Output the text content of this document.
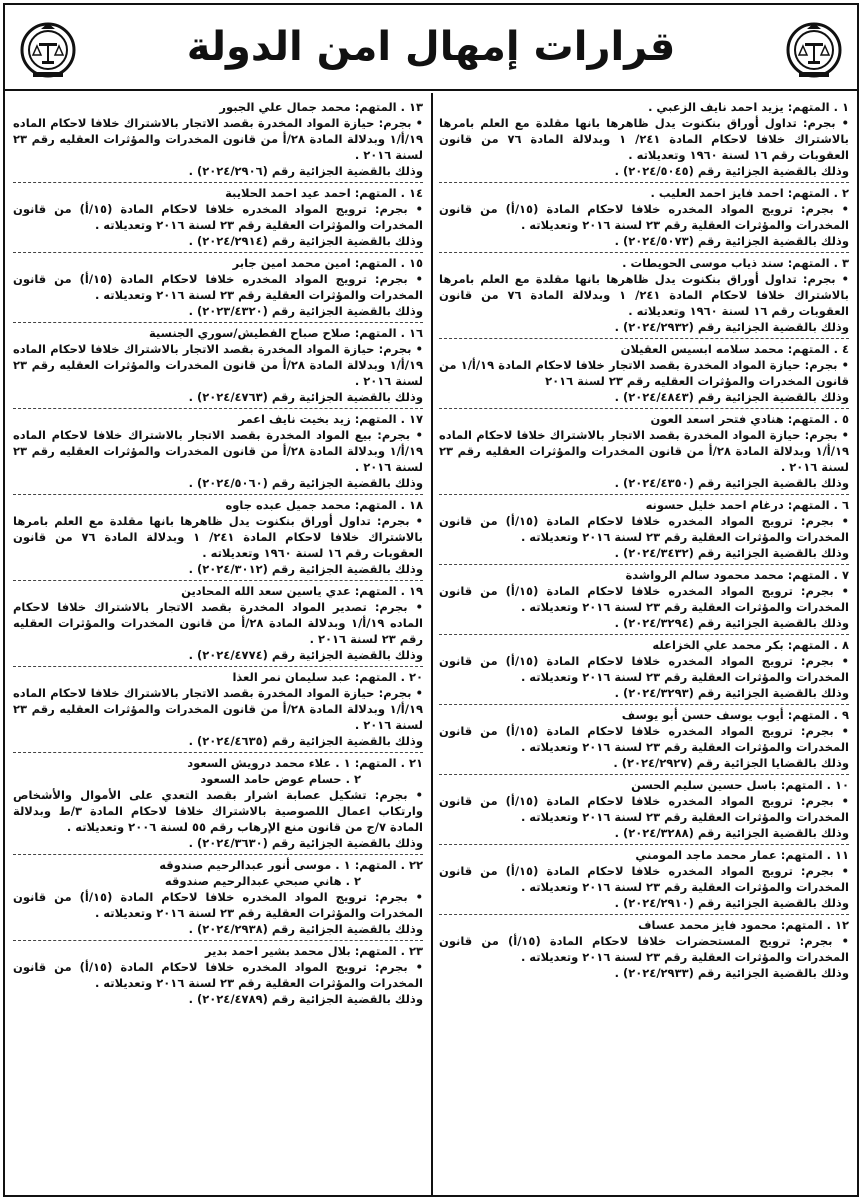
قرارات إمهال امن الدولة
١ . المتهم: يزيد احمد نايف الزعبي .
• بجرم: تداول أوراق بنكنوت يدل ظاهرها بانها مقلدة مع العلم بامرها بالاشتراك خلافا لاحكام المادة ٢٤١/ ١ وبدلالة المادة ٧٦ من قانون العقوبات رقم ١٦ لسنة ١٩٦٠ وتعديلاته .
وذلك بالقضية الجزائية رقم (٢٠٢٤/٥٠٤٥) .
٢ . المتهم: احمد فايز احمد العليب .
• بجرم: ترويج المواد المخدره خلافا لاحكام المادة (١٥/أ) من قانون المخدرات والمؤثرات العقلية رقم ٢٣ لسنة ٢٠١٦ وتعديلاته .
وذلك بالقضية الجزائية رقم (٢٠٢٤/٥٠٧٣) .
٣ . المتهم: سند ذياب موسى الحويطات .
• بجرم: تداول أوراق بنكنوت يدل ظاهرها بانها مقلدة مع العلم بامرها بالاشتراك خلافا لاحكام المادة ٢٤١/ ١ وبدلالة المادة ٧٦ من قانون العقوبات رقم ١٦ لسنة ١٩٦٠ وتعديلاته .
وذلك بالقضية الجزائية رقم (٢٠٢٤/٢٩٣٢) .
٤ . المتهم: محمد سلامه ابسيس العقيلان
• بجرم: حيازة المواد المخدرة بقصد الاتجار خلافا لاحكام المادة ١٩/أ/١ من قانون المخدرات والمؤثرات العقليه رقم ٢٣ لسنة ٢٠١٦
وذلك بالقضية الجزائية رقم (٢٠٢٤/٤٨٤٣) .
٥ . المتهم: هنادي فتحر اسعد العون
• بجرم: حيازة المواد المخدرة بقصد الاتجار بالاشتراك خلافا لاحكام الماده ١٩/أ/١ وبدلالة المادة ٢٨/أ من قانون المخدرات والمؤثرات العقليه رقم ٢٣ لسنة ٢٠١٦ .
وذلك بالقضية الجزائية رقم (٢٠٢٤/٤٣٥٠) .
٦ . المتهم: درغام احمد خليل حسونه
• بجرم: ترويج المواد المخدره خلافا لاحكام المادة (١٥/أ) من قانون المخدرات والمؤثرات العقلية رقم ٢٣ لسنة ٢٠١٦ وتعديلاته .
وذلك بالقضية الجزائية رقم (٢٠٢٤/٣٤٣٢) .
٧ . المتهم: محمد محمود سالم الرواشدة
• بجرم: ترويج المواد المخدره خلافا لاحكام المادة (١٥/أ) من قانون المخدرات والمؤثرات العقلية رقم ٢٣ لسنة ٢٠١٦ وتعديلاته .
وذلك بالقضية الجزائية رقم (٢٠٢٤/٣٢٩٤) .
٨ . المتهم: بكر محمد علي الخزاعله
• بجرم: ترويج المواد المخدره خلافا لاحكام المادة (١٥/أ) من قانون المخدرات والمؤثرات العقلية رقم ٢٣ لسنة ٢٠١٦ وتعديلاته .
وذلك بالقضية الجزائية رقم (٢٠٢٤/٣٢٩٣) .
٩ . المتهم: أيوب يوسف حسن أبو يوسف
• بجرم: ترويج المواد المخدره خلافا لاحكام المادة (١٥/أ) من قانون المخدرات والمؤثرات العقلية رقم ٢٣ لسنة ٢٠١٦ وتعديلاته .
وذلك بالقضايا الجزائية رقم (٢٠٢٤/٢٩٢٧) .
١٠ . المتهم: باسل حسين سليم الحسن
• بجرم: ترويج المواد المخدره خلافا لاحكام المادة (١٥/أ) من قانون المخدرات والمؤثرات العقلية رقم ٢٣ لسنة ٢٠١٦ وتعديلاته .
وذلك بالقضية الجزائية رقم (٢٠٢٤/٣٢٨٨) .
١١ . المتهم: عمار محمد ماجد المومني
• بجرم: ترويج المواد المخدره خلافا لاحكام المادة (١٥/أ) من قانون المخدرات والمؤثرات العقلية رقم ٢٣ لسنة ٢٠١٦ وتعديلاته .
وذلك بالقضية الجزائية رقم (٢٠٢٤/٢٩١٠) .
١٢ . المتهم: محمود فايز محمد عساف
• بجرم: ترويج المستحضرات خلافا لاحكام المادة (١٥/أ) من قانون المخدرات والمؤثرات العقلية رقم ٢٣ لسنة ٢٠١٦ وتعديلاته .
وذلك بالقضية الجزائية رقم (٢٠٢٤/٢٩٣٣) .
١٣ . المتهم: محمد جمال علي الجبور
• بجرم: حيازة المواد المخدرة بقصد الاتجار بالاشتراك خلافا لاحكام الماده ١٩/أ/١ وبدلالة المادة ٢٨/أ من قانون المخدرات والمؤثرات العقليه رقم ٢٣ لسنة ٢٠١٦ .
وذلك بالقضية الجزائية رقم (٢٠٢٤/٢٩٠٦) .
١٤ . المتهم: احمد عيد احمد الحلايبة
• بجرم: ترويج المواد المخدره خلافا لاحكام المادة (١٥/أ) من قانون المخدرات والمؤثرات العقلية رقم ٢٣ لسنة ٢٠١٦ وتعديلاته .
وذلك بالقضية الجزائية رقم (٢٠٢٤/٢٩١٤) .
١٥ . المتهم: امين محمد امين جابر
• بجرم: ترويج المواد المخدره خلافا لاحكام المادة (١٥/أ) من قانون المخدرات والمؤثرات العقلية رقم ٢٣ لسنة ٢٠١٦ وتعديلاته .
وذلك بالقضية الجزائية رقم (٢٠٢٣/٤٣٢٠) .
١٦ . المتهم: صلاح صباح الفطيش/سوري الجنسية
• بجرم: حيازة المواد المخدرة بقصد الاتجار بالاشتراك خلافا لاحكام الماده ١٩/أ/١ وبدلالة المادة ٢٨/أ من قانون المخدرات والمؤثرات العقليه رقم ٢٣ لسنة ٢٠١٦ .
وذلك بالقضية الجزائية رقم (٢٠٢٤/٤٧٦٣) .
١٧ . المتهم: زيد بخيت نايف اعمر
• بجرم: بيع المواد المخدرة بقصد الاتجار بالاشتراك خلافا لاحكام الماده ١٩/أ/١ وبدلالة المادة ٢٨/أ من قانون المخدرات والمؤثرات العقليه رقم ٢٣ لسنة ٢٠١٦ .
وذلك بالقضية الجزائية رقم (٢٠٢٤/٥٠٦٠) .
١٨ . المتهم: محمد جميل عبده جاوه
• بجرم: تداول أوراق بنكنوت يدل ظاهرها بانها مقلدة مع العلم بامرها بالاشتراك خلافا لاحكام المادة ٢٤١/ ١ وبدلالة المادة ٧٦ من قانون العقوبات رقم ١٦ لسنة ١٩٦٠ وتعديلاته .
وذلك بالقضية الجزائية رقم (٢٠٢٤/٣٠١٢) .
١٩ . المتهم: عدي ياسين سعد الله المحادين
• بجرم: تصدير المواد المخدرة بقصد الاتجار بالاشتراك خلافا لاحكام الماده ١٩/أ/١ وبدلالة المادة ٢٨/أ من قانون المخدرات والمؤثرات العقليه رقم ٢٣ لسنة ٢٠١٦ .
وذلك بالقضية الجزائية رقم (٢٠٢٤/٤٧٧٤) .
٢٠ . المتهم: عبد سليمان نمر العذا
• بجرم: حيازة المواد المخدرة بقصد الاتجار بالاشتراك خلافا لاحكام الماده ١٩/أ/١ وبدلالة المادة ٢٨/أ من قانون المخدرات والمؤثرات العقليه رقم ٢٣ لسنة ٢٠١٦ .
وذلك بالقضية الجزائية رقم (٢٠٢٤/٤٦٣٥) .
٢١ . المتهم: ١ . علاء محمد درويش السعود
٢ . حسام عوض حامد السعود
• بجرم: تشكيل عصابة اشرار بقصد التعدي على الأموال والأشخاص وارتكاب اعمال اللصوصية بالاشتراك خلافا لاحكام المادة ٣/ط وبدلالة المادة ٧/ج من قانون منع الإرهاب رقم ٥٥ لسنة ٢٠٠٦ وتعديلاته .
وذلك بالقضية الجزائية رقم (٢٠٢٤/٣٦٣٠) .
٢٢ . المتهم: ١ . موسى أنور عبدالرحيم صندوقه
٢ . هاني صبحي عبدالرحيم صندوقه
• بجرم: ترويج المواد المخدره خلافا لاحكام المادة (١٥/أ) من قانون المخدرات والمؤثرات العقلية رقم ٢٣ لسنة ٢٠١٦ وتعديلاته .
وذلك بالقضية الجزائية رقم (٢٠٢٤/٢٩٣٨) .
٢٣ . المتهم: بلال محمد بشير احمد بدير
• بجرم: ترويج المواد المخدره خلافا لاحكام المادة (١٥/أ) من قانون المخدرات والمؤثرات العقلية رقم ٢٣ لسنة ٢٠١٦ وتعديلاته .
وذلك بالقضية الجزائية رقم (٢٠٢٤/٤٧٨٩) .
